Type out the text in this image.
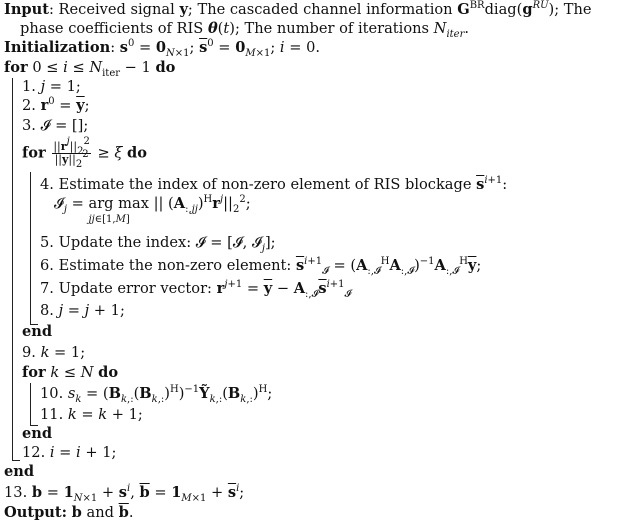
Input: Received signal y; The cascaded channel information $G^{BR}diag(g^{RU})$; The
phase coefficients of RIS θ(t); The number of iterations $N_{iter}$.
Initialization: $s^0 = 0_{N\times 1}$; $\overline{s}^0 = 0_{M\times 1}$; i = 0.
for $0 \le i \le N_{iter} - 1$ do
1. j = 1;
2. $r^0 = \overline{y}$;
3. 𝓘 = [];
for $\frac{||r^j||_2^2}{||y||_2^2} \ge \xi$ do
4. Estimate the index of non-zero element of RIS blockage $\overline{s}^{i+1}$:
𝓘$_j$ = arg max
jj∈[1,M]
|| $(A_{:,jj})^Hr^j||_2^2$;
5. Update the index: 𝓘 = [𝓘, 𝓘$_j$];
6. Estimate the non-zero element: $\overline{s}^{i+1}_𝓘 = (A_{:,𝓘}^HA_{:,𝓘})^{-1}A_{:,𝓘}^H\overline{y}$;
7. Update error vector: $r^{j+1} = \overline{y} - A_{:,𝓘}\overline{s}^{i+1}_𝓘$
8. j = j + 1;
end
9. k = 1;
for k ≤ N do
10. $s_k$ = $(B_{k,:}(B_{k,:})^H)^{-1}Ỹ_{k,:}(B_{k,:})^H$;
11. k = k + 1;
end
12. i = i + 1;
end
13. $b = 1_{N\times 1} + s^i$, $\overline{b} = 1_{M\times 1} + \overline{s}^i$;
Output: b and $\overline{b}$.
